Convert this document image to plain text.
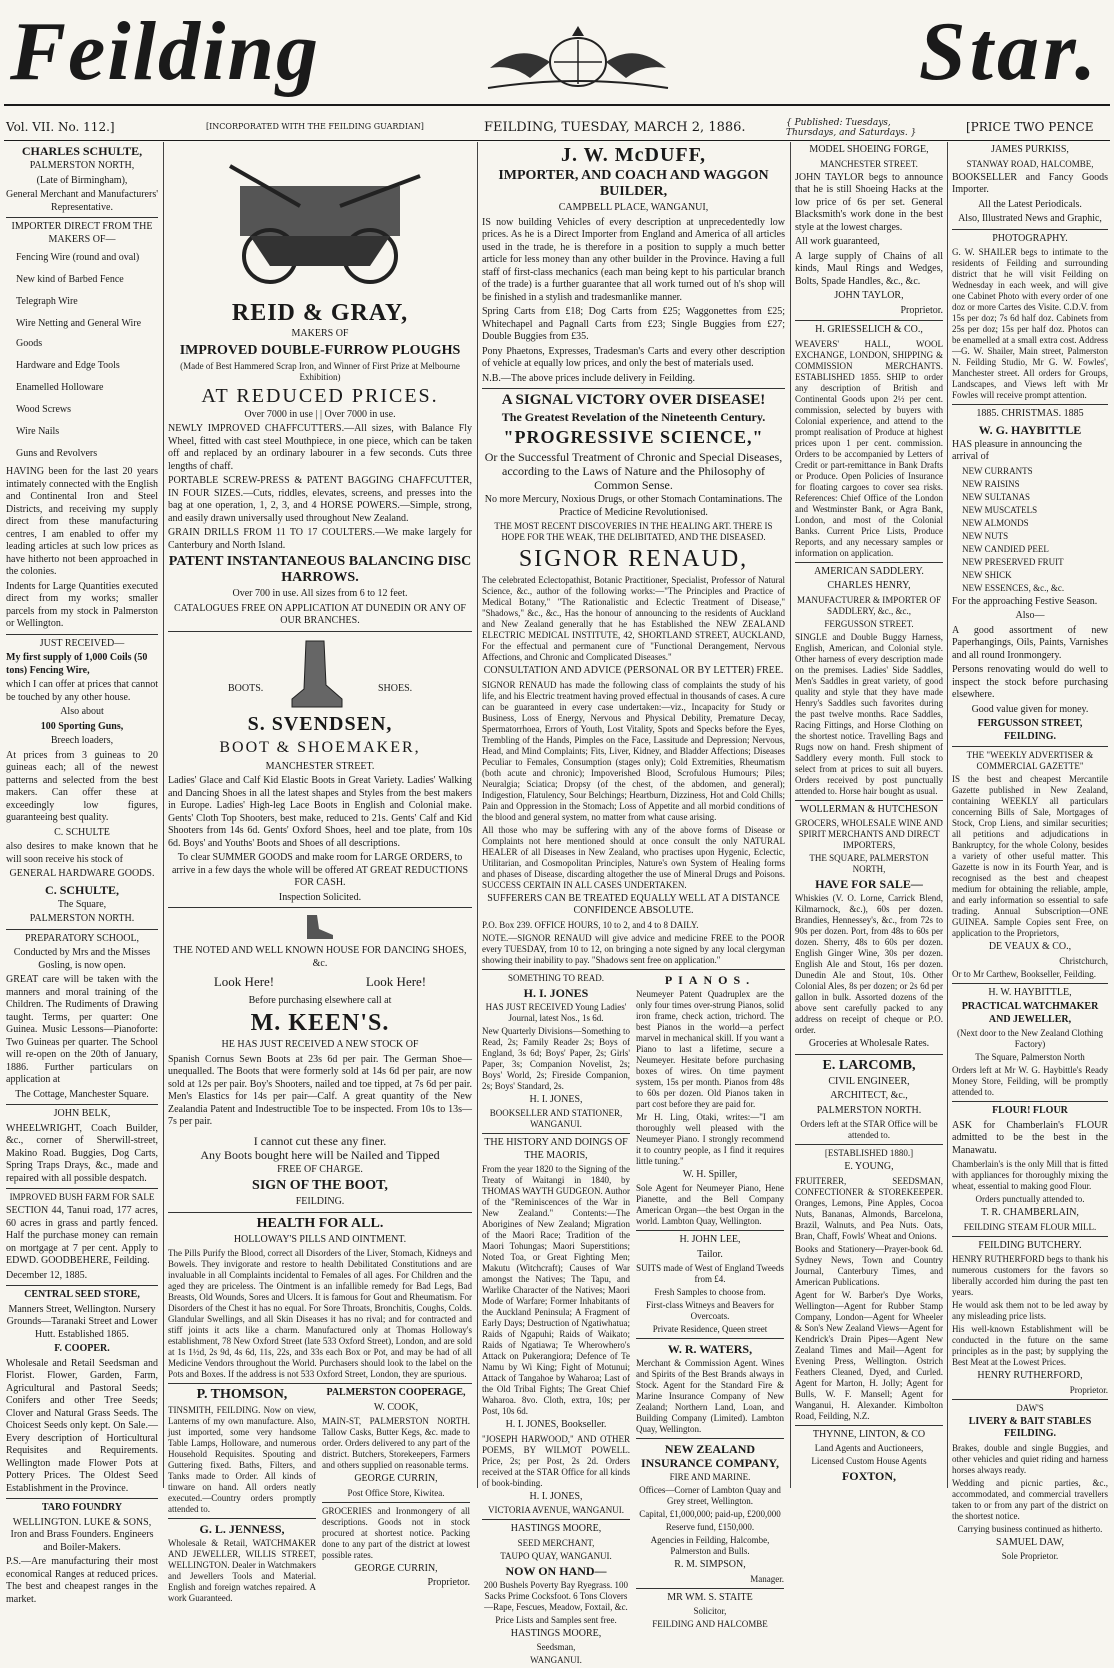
Feilding	Star.
Vol. VII. No. 112.]	[INCORPORATED WITH THE FEILDING GUARDIAN]	FEILDING, TUESDAY, MARCH 2, 1886.	{ Published: Tuesdays, Thursdays, and Saturdays. }	[PRICE TWO PENCE

CHARLES SCHULTE,

PALMERSTON NORTH,

(Late of Birmingham),

General Merchant and Manufacturers' Representative.

IMPORTER DIRECT FROM THE MAKERS OF—

Fencing Wire (round and oval)

New kind of Barbed Fence

Telegraph Wire

Wire Netting and General Wire Goods

Hardware and Edge Tools

Enamelled Holloware

Wood Screws

Wire Nails

Guns and Revolvers

HAVING been for the last 20 years intimately connected with the English and Continental Iron and Steel Districts, and receiving my supply direct from these manufacturing centres, I am enabled to offer my leading articles at such low prices as have hitherto not been approached in the colonies.

Indents for Large Quantities executed direct from my works; smaller parcels from my stock in Palmerston or Wellington.

JUST RECEIVED—

My first supply of 1,000 Coils (50 tons) Fencing Wire,

which I can offer at prices that cannot be touched by any other house.

Also about

100 Sporting Guns,

Breech loaders,

At prices from 3 guineas to 20 guineas each; all of the newest patterns and selected from the best makers. Can offer these at exceedingly low figures, guaranteeing best quality.

C. SCHULTE

also desires to make known that he will soon receive his stock of

GENERAL HARDWARE GOODS.

C. SCHULTE,

The Square,

PALMERSTON NORTH.

PREPARATORY SCHOOL,

Conducted by Mrs and the Misses Gosling, is now open.

GREAT care will be taken with the manners and moral training of the Children. The Rudiments of Drawing taught. Terms, per quarter: One Guinea. Music Lessons—Pianoforte: Two Guineas per quarter. The School will re-open on the 20th of January, 1886. Further particulars on application at

The Cottage, Manchester Square.

JOHN BELK,

WHEELWRIGHT, Coach Builder, &c., corner of Sherwill-street, Makino Road. Buggies, Dog Carts, Spring Traps Drays, &c., made and repaired with all possible despatch.

IMPROVED BUSH FARM FOR SALE

SECTION 44, Tanui road, 177 acres, 60 acres in grass and partly fenced. Half the purchase money can remain on mortgage at 7 per cent. Apply to EDWD. GOODBEHERE, Feilding.

December 12, 1885.

CENTRAL SEED STORE,

Manners Street, Wellington. Nursery Grounds—Taranaki Street and Lower Hutt. Established 1865.

F. COOPER.

Wholesale and Retail Seedsman and Florist. Flower, Garden, Farm, Agricultural and Pastoral Seeds; Conifers and other Tree Seeds; Clover and Natural Grass Seeds. The Choicest Seeds only kept. On Sale.—Every description of Horticultural Requisites and Requirements. Wellington made Flower Pots at Pottery Prices. The Oldest Seed Establishment in the Province.

TARO FOUNDRY

WELLINGTON. LUKE & SONS, Iron and Brass Founders. Engineers and Boiler-Makers.

P.S.—Are manufacturing their most economical Ranges at reduced prices. The best and cheapest ranges in the market.

REID & GRAY,

MAKERS OF

IMPROVED DOUBLE-FURROW PLOUGHS

(Made of Best Hammered Scrap Iron, and Winner of First Prize at Melbourne Exhibition)

AT REDUCED PRICES.

Over 7000 in use | | Over 7000 in use.

NEWLY IMPROVED CHAFFCUTTERS.—All sizes, with Balance Fly Wheel, fitted with cast steel Mouthpiece, in one piece, which can be taken off and replaced by an ordinary labourer in a few seconds. Cuts three lengths of chaff.

PORTABLE SCREW-PRESS & PATENT BAGGING CHAFFCUTTER, IN FOUR SIZES.—Cuts, riddles, elevates, screens, and presses into the bag at one operation, 1, 2, 3, and 4 HORSE POWERS.—Simple, strong, and easily drawn universally used throughout New Zealand.

GRAIN DRILLS FROM 11 TO 17 COULTERS.—We make largely for Canterbury and North Island.

PATENT INSTANTANEOUS BALANCING DISC HARROWS.

Over 700 in use. All sizes from 6 to 12 feet.

CATALOGUES FREE ON APPLICATION AT DUNEDIN OR ANY OF OUR BRANCHES.

BOOTS.	SHOES.

S. SVENDSEN,

BOOT & SHOEMAKER,

MANCHESTER STREET.

Ladies' Glace and Calf Kid Elastic Boots in Great Variety. Ladies' Walking and Dancing Shoes in all the latest shapes and Styles from the best makers in Europe. Ladies' High-leg Lace Boots in English and Colonial make. Gents' Cloth Top Shooters, best make, reduced to 21s. Gents' Calf and Kid Shooters from 14s 6d. Gents' Oxford Shoes, heel and toe plate, from 10s 6d. Boys' and Youths' Boots and Shoes of all descriptions.

To clear SUMMER GOODS and make room for LARGE ORDERS, to arrive in a few days the whole will be offered AT GREAT REDUCTIONS FOR CASH.

Inspection Solicited.

THE NOTED AND WELL KNOWN HOUSE FOR DANCING SHOES, &c.

Look Here!	Look Here!

Before purchasing elsewhere call at

M. KEEN'S.

HE HAS JUST RECEIVED A NEW STOCK OF

Spanish Cornus Sewn Boots at 23s 6d per pair. The German Shoe—unequalled. The Boots that were formerly sold at 14s 6d per pair, are now sold at 12s per pair. Boy's Shooters, nailed and toe tipped, at 7s 6d per pair. Men's Elastics for 14s per pair—Calf. A great quantity of the New Zealandia Patent and Indestructible Toe to be inspected. From 10s to 13s—7s per pair.

I cannot cut these any finer.

Any Boots bought here will be Nailed and Tipped

FREE OF CHARGE.

SIGN OF THE BOOT,

FEILDING.

HEALTH FOR ALL.

HOLLOWAY'S PILLS AND OINTMENT.

The Pills Purify the Blood, correct all Disorders of the Liver, Stomach, Kidneys and Bowels. They invigorate and restore to health Debilitated Constitutions and are invaluable in all Complaints incidental to Females of all ages. For Children and the aged they are priceless. The Ointment is an infallible remedy for Bad Legs, Bad Breasts, Old Wounds, Sores and Ulcers. It is famous for Gout and Rheumatism. For Disorders of the Chest it has no equal. For Sore Throats, Bronchitis, Coughs, Colds. Glandular Swellings, and all Skin Diseases it has no rival; and for contracted and stiff joints it acts like a charm. Manufactured only at Thomas Holloway's establishment, 78 New Oxford Street (late 533 Oxford Street), London, and are sold at 1s 1½d, 2s 9d, 4s 6d, 11s, 22s, and 33s each Box or Pot, and may be had of all Medicine Vendors throughout the World. Purchasers should look to the label on the Pots and Boxes. If the address is not 533 Oxford Street, London, they are spurious.

P. THOMSON,

TINSMITH, FEILDING. Now on view, Lanterns of my own manufacture. Also, just imported, some very handsome Table Lamps, Holloware, and numerous Household Requisites. Spouting and Guttering fixed. Baths, Filters, and Tanks made to Order. All kinds of tinware on hand. All orders neatly executed.—Country orders promptly attended to.

G. L. JENNESS,

Wholesale & Retail, WATCHMAKER AND JEWELLER, WILLIS STREET, WELLINGTON. Dealer in Watchmakers and Jewellers Tools and Material. English and foreign watches repaired. A work Guaranteed.

PALMERSTON COOPERAGE,

W. COOK,

MAIN-ST, PALMERSTON NORTH. Tallow Casks, Butter Kegs, &c. made to order. Orders delivered to any part of the district. Butchers, Storekeepers, Farmers and others supplied on reasonable terms.

GEORGE CURRIN,

Post Office Store, Kiwitea.

GROCERIES and Ironmongery of all descriptions. Goods not in stock procured at shortest notice. Packing done to any part of the district at lowest possible rates.

GEORGE CURRIN,

Proprietor.

J. W. McDUFF,

IMPORTER, AND COACH AND WAGGON BUILDER,

CAMPBELL PLACE, WANGANUI,

IS now building Vehicles of every description at unprecedentedly low prices. As he is a Direct Importer from England and America of all articles used in the trade, he is therefore in a position to supply a much better article for less money than any other builder in the Province. Having a full staff of first-class mechanics (each man being kept to his particular branch of the trade) is a further guarantee that all work turned out of h's shop will be finished in a stylish and tradesmanlike manner.

Spring Carts from £18; Dog Carts from £25; Waggonettes from £25; Whitechapel and Pagnall Carts from £23; Single Buggies from £27; Double Buggies from £35.

Pony Phaetons, Expresses, Tradesman's Carts and every other description of vehicle at equally low prices, and only the best of materials used.

N.B.—The above prices include delivery in Feilding.

A SIGNAL VICTORY OVER DISEASE!

The Greatest Revelation of the Nineteenth Century.

"PROGRESSIVE SCIENCE,"

Or the Successful Treatment of Chronic and Special Diseases, according to the Laws of Nature and the Philosophy of Common Sense.

No more Mercury, Noxious Drugs, or other Stomach Contaminations. The Practice of Medicine Revolutionised.

THE MOST RECENT DISCOVERIES IN THE HEALING ART. THERE IS HOPE FOR THE WEAK, THE DELIBITATED, AND THE DISEASED.

SIGNOR RENAUD,

The celebrated Eclectopathist, Botanic Practitioner, Specialist, Professor of Natural Science, &c., author of the following works:—"The Principles and Practice of Medical Botany," "The Rationalistic and Eclectic Treatment of Disease," "Shadows," &c., &c., Has the honour of announcing to the residents of Auckland and New Zealand generally that he has Established the NEW ZEALAND ELECTRIC MEDICAL INSTITUTE, 42, SHORTLAND STREET, AUCKLAND, For the effectual and permanent cure of "Functional Derangement, Nervous Affections, and Chronic and Complicated Diseases."

CONSULTATION AND ADVICE (PERSONAL OR BY LETTER) FREE.

SIGNOR RENAUD has made the following class of complaints the study of his life, and his Electric treatment having proved effectual in thousands of cases. A cure can be guaranteed in every case undertaken:—viz., Incapacity for Study or Business, Loss of Energy, Nervous and Physical Debility, Premature Decay, Spermatorrhoea, Errors of Youth, Lost Vitality, Spots and Specks before the Eyes, Trembling of the Hands, Pimples on the Face, Lassitude and Depression; Nervous, Head, and Mind Complaints; Fits, Liver, Kidney, and Bladder Affections; Diseases Peculiar to Females, Consumption (stages only); Cold Extremities, Rheumatism (both acute and chronic); Impoverished Blood, Scrofulous Humours; Piles; Neuralgia; Sciatica; Dropsy (of the chest, of the abdomen, and general); Indigestion, Flatulency, Sour Belchings; Heartburn, Dizziness, Hot and Cold Chills; Pain and Oppression in the Stomach; Loss of Appetite and all morbid conditions of the blood and general system, no matter from what cause arising.

All those who may be suffering with any of the above forms of Disease or Complaints not here mentioned should at once consult the only NATURAL HEALER of all Diseases in New Zealand, who practises upon Hygenic, Eclectic, Utilitarian, and Cosmopolitan Principles, Nature's own System of Healing forms and phases of Disease, discarding altogether the use of Mineral Drugs and Poisons. SUCCESS CERTAIN IN ALL CASES UNDERTAKEN.

SUFFERERS CAN BE TREATED EQUALLY WELL AT A DISTANCE CONFIDENCE ABSOLUTE.

P.O. Box 239. OFFICE HOURS, 10 to 2, and 4 to 8 DAILY.

NOTE.—SIGNOR RENAUD will give advice and medicine FREE to the POOR every TUESDAY, from 10 to 12, on bringing a note signed by any local clergyman showing their inability to pay. "Shadows sent free on application."

SOMETHING TO READ.

H. I. JONES

HAS JUST RECEIVED Young Ladies' Journal, latest Nos., 1s 6d.

New Quarterly Divisions—Something to Read, 2s; Family Reader 2s; Boys of England, 3s 6d; Boys' Paper, 2s; Girls' Paper, 3s; Companion Novelist, 2s; Boys' World, 2s; Fireside Companion, 2s; Boys' Standard, 2s.

H. I. JONES,

BOOKSELLER AND STATIONER, WANGANUI.

THE HISTORY AND DOINGS OF THE MAORIS,

From the year 1820 to the Signing of the Treaty of Waitangi in 1840, by THOMAS WAYTH GUDGEON. Author of the "Reminiscences of the War in New Zealand." Contents:—The Aborigines of New Zealand; Migration of the Maori Race; Tradition of the Maori Tohungas; Maori Superstitions; Noted Toa, or Great Fighting Men; Makutu (Witchcraft); Causes of War amongst the Natives; The Tapu, and Warlike Character of the Natives; Maori Mode of Warfare; Former Inhabitants of the Auckland Peninsula; A Fragment of Early Days; Destruction of Ngatiwhatua; Raids of Ngapuhi; Raids of Waikato; Raids of Ngatiawa; Te Wherowhero's Attack on Pukerangiora; Defence of Te Namu by Wi King; Fight of Motunui; Attack of Tangahoe by Waharoa; Last of the Old Tribal Fights; The Great Chief Waharoa. 8vo. Cloth, extra, 10s; per Post, 10s 6d.

H. I. JONES, Bookseller.

"JOSEPH HARWOOD," AND OTHER POEMS, BY WILMOT POWELL. Price, 2s; per Post, 2s 2d. Orders received at the STAR Office for all kinds of book-binding.

H. I. JONES,

VICTORIA AVENUE, WANGANUI.

HASTINGS MOORE,

SEED MERCHANT,

TAUPO QUAY, WANGANUI.

NOW ON HAND—

200 Bushels Poverty Bay Ryegrass. 100 Sacks Prime Cocksfoot. 6 Tons Clovers—Rape, Fescues, Meadow, Foxtail, &c.

Price Lists and Samples sent free.

HASTINGS MOORE,

Seedsman,

WANGANUI.

PIANOS.

Neumeyer Patent Quadruplex are the only four times over-strung Pianos, solid iron frame, check action, trichord. The best Pianos in the world—a perfect marvel in mechanical skill. If you want a Piano to last a lifetime, secure a Neumeyer. Hesitate before purchasing boxes of wires. On time payment system, 15s per month. Pianos from 48s to 60s per dozen. Old Pianos taken in part cost before they are paid for.

Mr H. Ling, Otaki, writes:—"I am thoroughly well pleased with the Neumeyer Piano. I strongly recommend it to country people, as I find it requires little tuning."

W. H. Spiller,

Sole Agent for Neumeyer Piano, Hene Pianette, and the Bell Company American Organ—the best Organ in the world. Lambton Quay, Wellington.

H. JOHN LEE,

Tailor.

SUITS made of West of England Tweeds from £4.

Fresh Samples to choose from.

First-class Witneys and Beavers for Overcoats.

Private Residence, Queen street

W. R. WATERS,

Merchant & Commission Agent. Wines and Spirits of the Best Brands always in Stock. Agent for the Standard Fire & Marine Insurance Company of New Zealand; Northern Land, Loan, and Building Company (Limited). Lambton Quay, Wellington.

NEW ZEALAND INSURANCE COMPANY,

FIRE AND MARINE.

Offices—Corner of Lambton Quay and Grey street, Wellington.

Capital, £1,000,000; paid-up, £200,000

Reserve fund, £150,000.

Agencies in Feilding, Halcombe, Palmerston and Bulls.

R. M. SIMPSON,

Manager.

MR WM. S. STAITE

Solicitor,

FEILDING AND HALCOMBE

MODEL SHOEING FORGE,

MANCHESTER STREET.

JOHN TAYLOR begs to announce that he is still Shoeing Hacks at the low price of 6s per set. General Blacksmith's work done in the best style at the lowest charges.

All work guaranteed,

A large supply of Chains of all kinds, Maul Rings and Wedges, Bolts, Spade Handles, &c., &c.

JOHN TAYLOR,

Proprietor.

H. GRIESSELICH & CO.,

WEAVERS' HALL, WOOL EXCHANGE, LONDON, SHIPPING & COMMISSION MERCHANTS. ESTABLISHED 1855. SHIP to order any description of British and Continental Goods upon 2½ per cent. commission, selected by buyers with Colonial experience, and attend to the prompt realisation of Produce at highest prices upon 1 per cent. commission. Orders to be accompanied by Letters of Credit or part-remittance in Bank Drafts or Produce. Open Policies of Insurance for floating cargoes to cover sea risks. References: Chief Office of the London and Westminster Bank, or Agra Bank, London, and most of the Colonial Banks. Current Price Lists, Produce Reports, and any necessary samples or information on application.

AMERICAN SADDLERY.

CHARLES HENRY,

MANUFACTURER & IMPORTER OF SADDLERY, &c., &c.,

FERGUSSON STREET.

SINGLE and Double Buggy Harness, English, American, and Colonial style. Other harness of every description made on the premises. Ladies' Side Saddles, Men's Saddles in great variety, of good quality and style that they have made Henry's Saddles such favorites during the past twelve months. Race Saddles, Racing Fittings, and Horse Clothing on the shortest notice. Travelling Bags and Rugs now on hand. Fresh shipment of Saddlery every month. Full stock to select from at prices to suit all buyers. Orders received by post punctually attended to. Horse hair bought as usual.

WOLLERMAN & HUTCHESON

GROCERS, WHOLESALE WINE AND SPIRIT MERCHANTS AND DIRECT IMPORTERS,

THE SQUARE, PALMERSTON NORTH,

HAVE FOR SALE—

Whiskies (V. O. Lorne, Carrick Blend, Kilmarnock, &c.), 60s per dozen. Brandies, Hennessey's, &c., from 72s to 90s per dozen. Port, from 48s to 60s per dozen. Sherry, 48s to 60s per dozen. English Ginger Wine, 30s per dozen. English Ale and Stout, 16s per dozen. Dunedin Ale and Stout, 10s. Other Colonial Ales, 8s per dozen; or 2s 6d per gallon in bulk. Assorted dozens of the above sent carefully packed to any address on receipt of cheque or P.O. order.

Groceries at Wholesale Rates.

E. LARCOMB,

CIVIL ENGINEER,

ARCHITECT, &c.,

PALMERSTON NORTH.

Orders left at the STAR Office will be attended to.

[ESTABLISHED 1880.]

E. YOUNG,

FRUITERER, SEEDSMAN, CONFECTIONER & STOREKEEPER. Oranges, Lemons, Pine Apples, Cocoa Nuts, Bananas, Almonds, Barcelona, Brazil, Walnuts, and Pea Nuts. Oats, Bran, Chaff, Fowls' Wheat and Onions.

Books and Stationery—Prayer-book 6d. Sydney News, Town and Country Journal, Canterbury Times, and American Publications.

Agent for W. Barber's Dye Works, Wellington—Agent for Rubber Stamp Company, London—Agent for Wheeler & Son's New Zealand Views—Agent for Kendrick's Drain Pipes—Agent New Zealand Times and Mail—Agent for Evening Press, Wellington. Ostrich Feathers Cleaned, Dyed, and Curled. Agent for Marton, H. Jolly; Agent for Bulls, W. F. Mansell; Agent for Wanganui, H. Alexander. Kimbolton Road, Feilding, N.Z.

THYNNE, LINTON, & CO

Land Agents and Auctioneers,

Licensed Custom House Agents

FOXTON,

JAMES PURKISS,

STANWAY ROAD, HALCOMBE,

BOOKSELLER and Fancy Goods Importer.

All the Latest Periodicals.

Also, Illustrated News and Graphic,

PHOTOGRAPHY.

G. W. SHAILER begs to intimate to the residents of Feilding and surrounding district that he will visit Feilding on Wednesday in each week, and will give one Cabinet Photo with every order of one doz or more Cartes des Visite. C.D.V. from 15s per doz; 7s 6d half doz. Cabinets from 25s per doz; 15s per half doz. Photos can be enamelled at a small extra cost. Address—G. W. Shailer, Main street, Palmerston N. Feilding Studio, Mr G. W. Fowles', Manchester street. All orders for Groups, Landscapes, and Views left with Mr Fowles will receive prompt attention.

1885. CHRISTMAS. 1885

W. G. HAYBITTLE

HAS pleasure in announcing the arrival of

NEW CURRANTS

NEW RAISINS

NEW SULTANAS

NEW MUSCATELS

NEW ALMONDS

NEW NUTS

NEW CANDIED PEEL

NEW PRESERVED FRUIT

NEW SHICK

NEW ESSENCES, &c., &c.

For the approaching Festive Season.

Also—

A good assortment of new Paperhangings, Oils, Paints, Varnishes and all round Ironmongery.

Persons renovating would do well to inspect the stock before purchasing elsewhere.

Good value given for money.

FERGUSSON STREET, FEILDING.

THE "WEEKLY ADVERTISER & COMMERCIAL GAZETTE"

IS the best and cheapest Mercantile Gazette published in New Zealand, containing WEEKLY all particulars concerning Bills of Sale, Mortgages of Stock, Crop Liens, and similar securities; all petitions and adjudications in Bankruptcy, for the whole Colony, besides a variety of other useful matter. This Gazette is now in its Fourth Year, and is recognised as the best and cheapest medium for obtaining the reliable, ample, and early information so essential to safe trading. Annual Subscription—ONE GUINEA. Sample Copies sent Free, on application to the Proprietors,

DE VEAUX & CO.,

Christchurch,

Or to Mr Carthew, Bookseller, Feilding.

H. W. HAYBITTLE,

PRACTICAL WATCHMAKER AND JEWELLER,

(Next door to the New Zealand Clothing Factory)

The Square, Palmerston North

Orders left at Mr W. G. Haybittle's Ready Money Store, Feilding, will be promptly attended to.

FLOUR! FLOUR

ASK for Chamberlain's FLOUR admitted to be the best in the Manawatu.

Chamberlain's is the only Mill that is fitted with appliances for thoroughly mixing the wheat, essential to making good Flour.

Orders punctually attended to.

T. R. CHAMBERLAIN,

FEILDING STEAM FLOUR MILL.

FEILDING BUTCHERY.

HENRY RUTHERFORD begs to thank his numerous customers for the favors so liberally accorded him during the past ten years.

He would ask them not to be led away by any misleading price lists.

His well-known Establishment will be conducted in the future on the same principles as in the past; by supplying the Best Meat at the Lowest Prices.

HENRY RUTHERFORD,

Proprietor.

DAW'S

LIVERY & BAIT STABLES FEILDING.

Brakes, double and single Buggies, and other vehicles and quiet riding and harness horses always ready.

Wedding and picnic parties, &c., accommodated, and commercial travellers taken to or from any part of the district on the shortest notice.

Carrying business continued as hitherto.

SAMUEL DAW,

Sole Proprietor.
